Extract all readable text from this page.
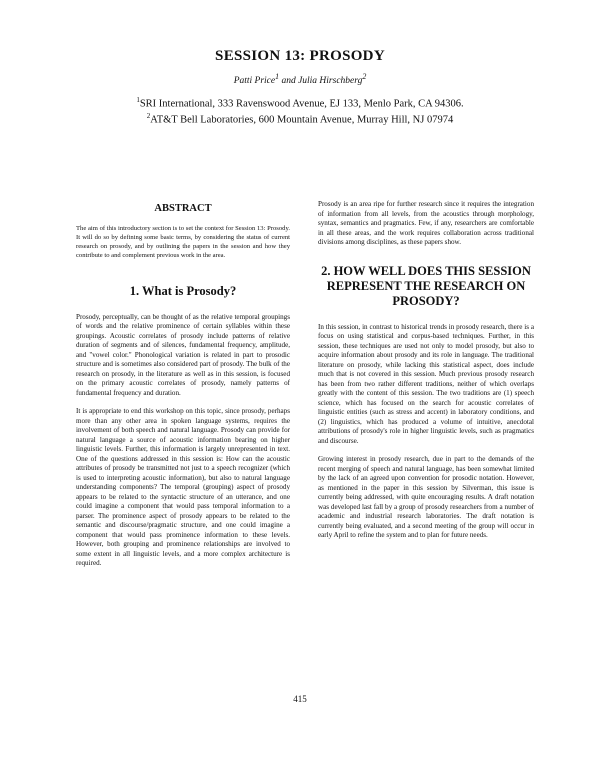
SESSION 13: PROSODY
Patti Price$^1$ and Julia Hirschberg$^2$
$^1$SRI International, 333 Ravenswood Avenue, EJ 133, Menlo Park, CA 94306.
$^2$AT&T Bell Laboratories, 600 Mountain Avenue, Murray Hill, NJ 07974
ABSTRACT

The aim of this introductory section is to set the context for Session 13: Prosody. It will do so by defining some basic terms, by considering the status of current research on prosody, and by outlining the papers in the session and how they contribute to and complement previous work in the area.

1. What is Prosody?

Prosody, perceptually, can be thought of as the relative temporal groupings of words and the relative prominence of certain syllables within these groupings. Acoustic correlates of prosody include patterns of relative duration of segments and of silences, fundamental frequency, amplitude, and "vowel color." Phonological variation is related in part to prosodic structure and is sometimes also considered part of prosody. The bulk of the research on prosody, in the literature as well as in this session, is focused on the primary acoustic correlates of prosody, namely patterns of fundamental frequency and duration.

It is appropriate to end this workshop on this topic, since prosody, perhaps more than any other area in spoken language systems, requires the involvement of both speech and natural language. Prosody can provide for natural language a source of acoustic information bearing on higher linguistic levels. Further, this information is largely unrepresented in text. One of the questions addressed in this session is: How can the acoustic attributes of prosody be transmitted not just to a speech recognizer (which is used to interpreting acoustic information), but also to natural language understanding components? The temporal (grouping) aspect of prosody appears to be related to the syntactic structure of an utterance, and one could imagine a component that would pass temporal information to a parser. The prominence aspect of prosody appears to be related to the semantic and discourse/pragmatic structure, and one could imagine a component that would pass prominence information to these levels. However, both grouping and prominence relationships are involved to some extent in all linguistic levels, and a more complex architecture is required.

Prosody is an area ripe for further research since it requires the integration of information from all levels, from the acoustics through morphology, syntax, semantics and pragmatics. Few, if any, researchers are comfortable in all these areas, and the work requires collaboration across traditional divisions among disciplines, as these papers show.

2. HOW WELL DOES THIS SESSION REPRESENT THE RESEARCH ON PROSODY?

In this session, in contrast to historical trends in prosody research, there is a focus on using statistical and corpus-based techniques. Further, in this session, these techniques are used not only to model prosody, but also to acquire information about prosody and its role in language. The traditional literature on prosody, while lacking this statistical aspect, does include much that is not covered in this session. Much previous prosody research has been from two rather different traditions, neither of which overlaps greatly with the content of this session. The two traditions are (1) speech science, which has focused on the search for acoustic correlates of linguistic entities (such as stress and accent) in laboratory conditions, and (2) linguistics, which has produced a volume of intuitive, anecdotal attributions of prosody's role in higher linguistic levels, such as pragmatics and discourse.

Growing interest in prosody research, due in part to the demands of the recent merging of speech and natural language, has been somewhat limited by the lack of an agreed upon convention for prosodic notation. However, as mentioned in the paper in this session by Silverman, this issue is currently being addressed, with quite encouraging results. A draft notation was developed last fall by a group of prosody researchers from a number of academic and industrial research laboratories. The draft notation is currently being evaluated, and a second meeting of the group will occur in early April to refine the system and to plan for future needs.

415
